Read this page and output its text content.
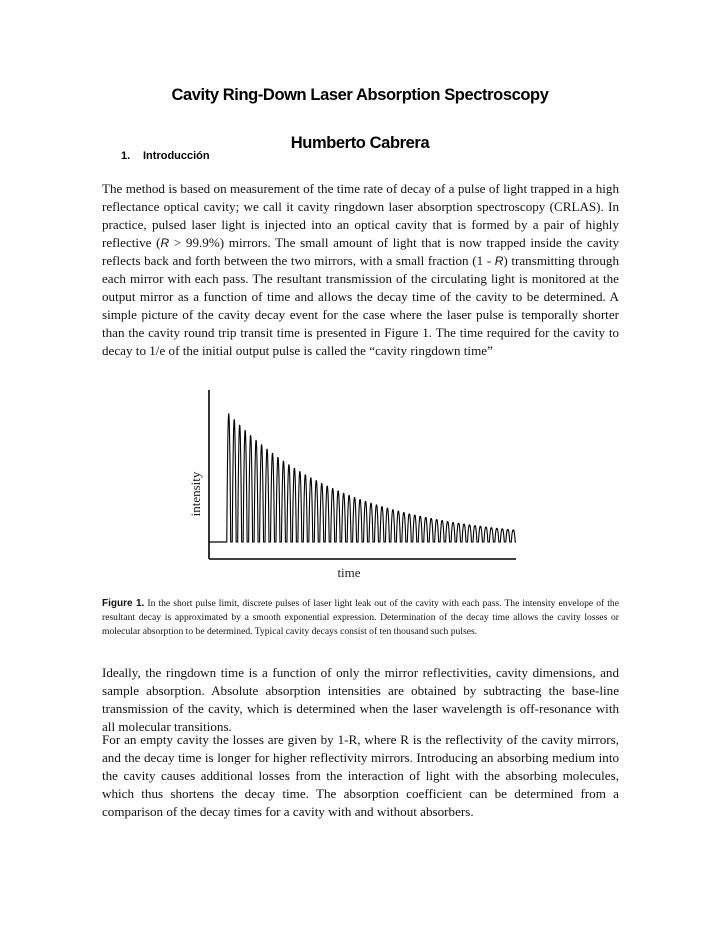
Cavity Ring-Down Laser Absorption Spectroscopy
Humberto Cabrera
1. Introducción

The method is based on measurement of the time rate of decay of a pulse of light trapped in a high reflectance optical cavity; we call it cavity ringdown laser absorption spectroscopy (CRLAS). In practice, pulsed laser light is injected into an optical cavity that is formed by a pair of highly reflective (R > 99.9%) mirrors. The small amount of light that is now trapped inside the cavity reflects back and forth between the two mirrors, with a small fraction (1 - R) transmitting through each mirror with each pass. The resultant transmission of the circulating light is monitored at the output mirror as a function of time and allows the decay time of the cavity to be determined. A simple picture of the cavity decay event for the case where the laser pulse is temporally shorter than the cavity round trip transit time is presented in Figure 1. The time required for the cavity to decay to 1/e of the initial output pulse is called the “cavity ringdown time”

intensity
time

Figure 1. In the short pulse limit, discrete pulses of laser light leak out of the cavity with each pass. The intensity envelope of the resultant decay is approximated by a smooth exponential expression. Determination of the decay time allows the cavity losses or molecular absorption to be determined. Typical cavity decays consist of ten thousand such pulses.

Ideally, the ringdown time is a function of only the mirror reflectivities, cavity dimensions, and sample absorption. Absolute absorption intensities are obtained by subtracting the base-line transmission of the cavity, which is determined when the laser wavelength is off-resonance with all molecular transitions.

For an empty cavity the losses are given by 1-R, where R is the reflectivity of the cavity mirrors, and the decay time is longer for higher reflectivity mirrors. Introducing an absorbing medium into the cavity causes additional losses from the interaction of light with the absorbing molecules, which thus shortens the decay time. The absorption coefficient can be determined from a comparison of the decay times for a cavity with and without absorbers.
